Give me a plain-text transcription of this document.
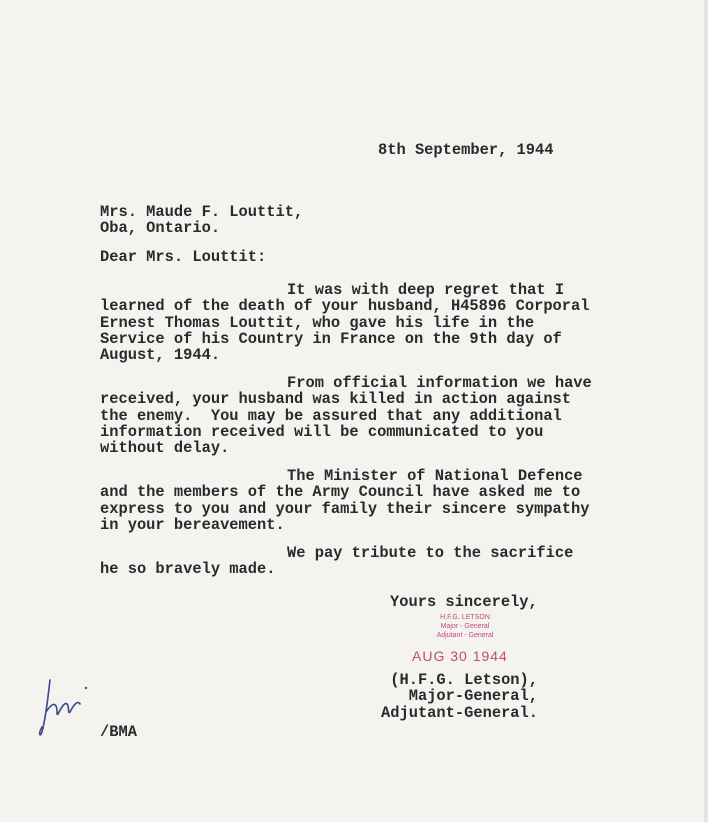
8th September, 1944
Mrs. Maude F. Louttit,
Oba, Ontario.
Dear Mrs. Louttit:
It was with deep regret that I
learned of the death of your husband, H45896 Corporal
Ernest Thomas Louttit, who gave his life in the
Service of his Country in France on the 9th day of
August, 1944.
From official information we have
received, your husband was killed in action against
the enemy.  You may be assured that any additional
information received will be communicated to you
without delay.
The Minister of National Defence
and the members of the Army Council have asked me to
express to you and your family their sincere sympathy
in your bereavement.
We pay tribute to the sacrifice
he so bravely made.
Yours sincerely,
H.F.G. LETSON
Major - General
Adjutant - General
AUG 30 1944
(H.F.G. Letson),
Major-General,
Adjutant-General.
/BMA
